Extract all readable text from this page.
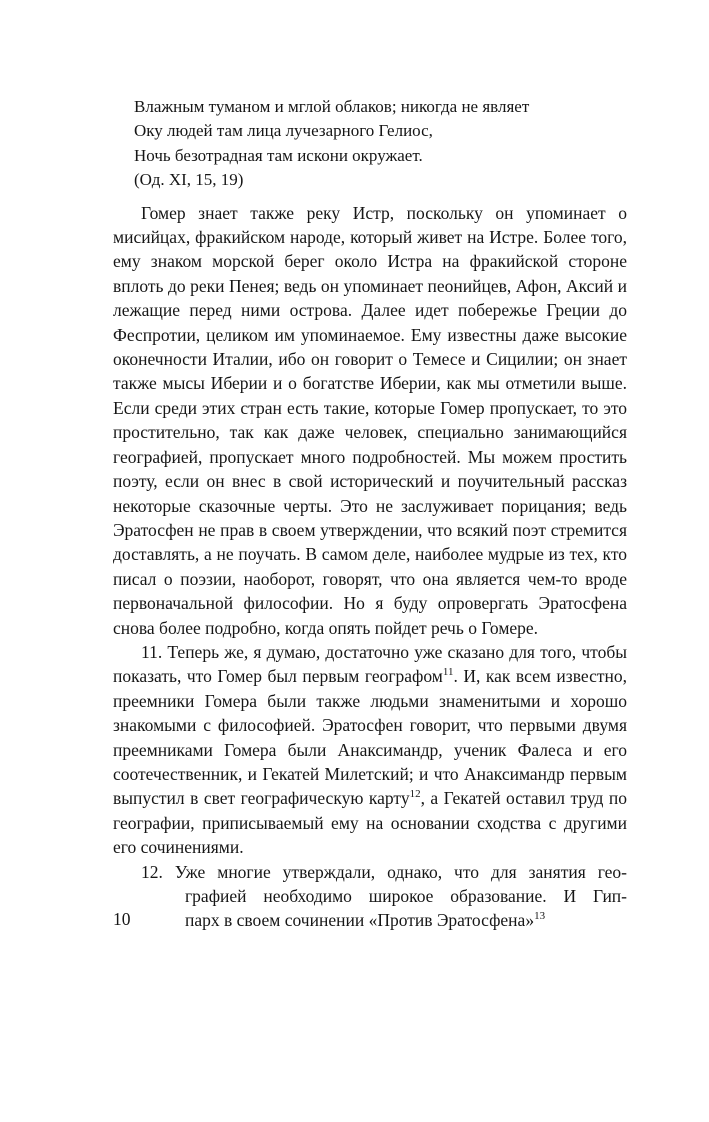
Влажным туманом и мглой облаков; никогда не являет
Оку людей там лица лучезарного Гелиос,
Ночь безотрадная там искони окружает.
(Од. XI, 15, 19)

Гомер знает также реку Истр, поскольку он упоминает о мисийцах, фракийском народе, который живет на Истре. Более того, ему знаком морской берег около Истра на фракийской стороне вплоть до реки Пенея; ведь он упоминает пеонийцев, Афон, Аксий и лежащие перед ними острова. Далее идет побережье Греции до Феспротии, целиком им упоминаемое. Ему известны даже высокие оконечности Италии, ибо он говорит о Темесе и Сицилии; он знает также мысы Иберии и о богатстве Иберии, как мы отметили выше. Если среди этих стран есть такие, которые Гомер пропускает, то это простительно, так как даже человек, специально занимающийся географией, пропускает много подробностей. Мы можем простить поэту, если он внес в свой исторический и поучительный рассказ некоторые сказочные черты. Это не заслуживает порицания; ведь Эратосфен не прав в своем утверждении, что всякий поэт стремится доставлять, а не поучать. В самом деле, наиболее мудрые из тех, кто писал о поэзии, наоборот, говорят, что она является чем-то вроде первоначальной философии. Но я буду опровергать Эратосфена снова более подробно, когда опять пойдет речь о Гомере.

11. Теперь же, я думаю, достаточно уже сказано для того, чтобы показать, что Гомер был первым географом$^{11}$. И, как всем известно, преемники Гомера были также людьми знаменитыми и хорошо знакомыми с философией. Эратосфен говорит, что первыми двумя преемниками Гомера были Анаксимандр, ученик Фалеса и его соотечественник, и Гекатей Милетский; и что Анаксимандр первым выпустил в свет географическую карту$^{12}$, а Гекатей оставил труд по географии, приписываемый ему на основании сходства с другими его сочинениями.

12. Уже многие утверждали, однако, что для занятия гео-
графией необходимо широкое образование. И Гип-
парх в своем сочинении «Против Эратосфена»$^{13}$
10
